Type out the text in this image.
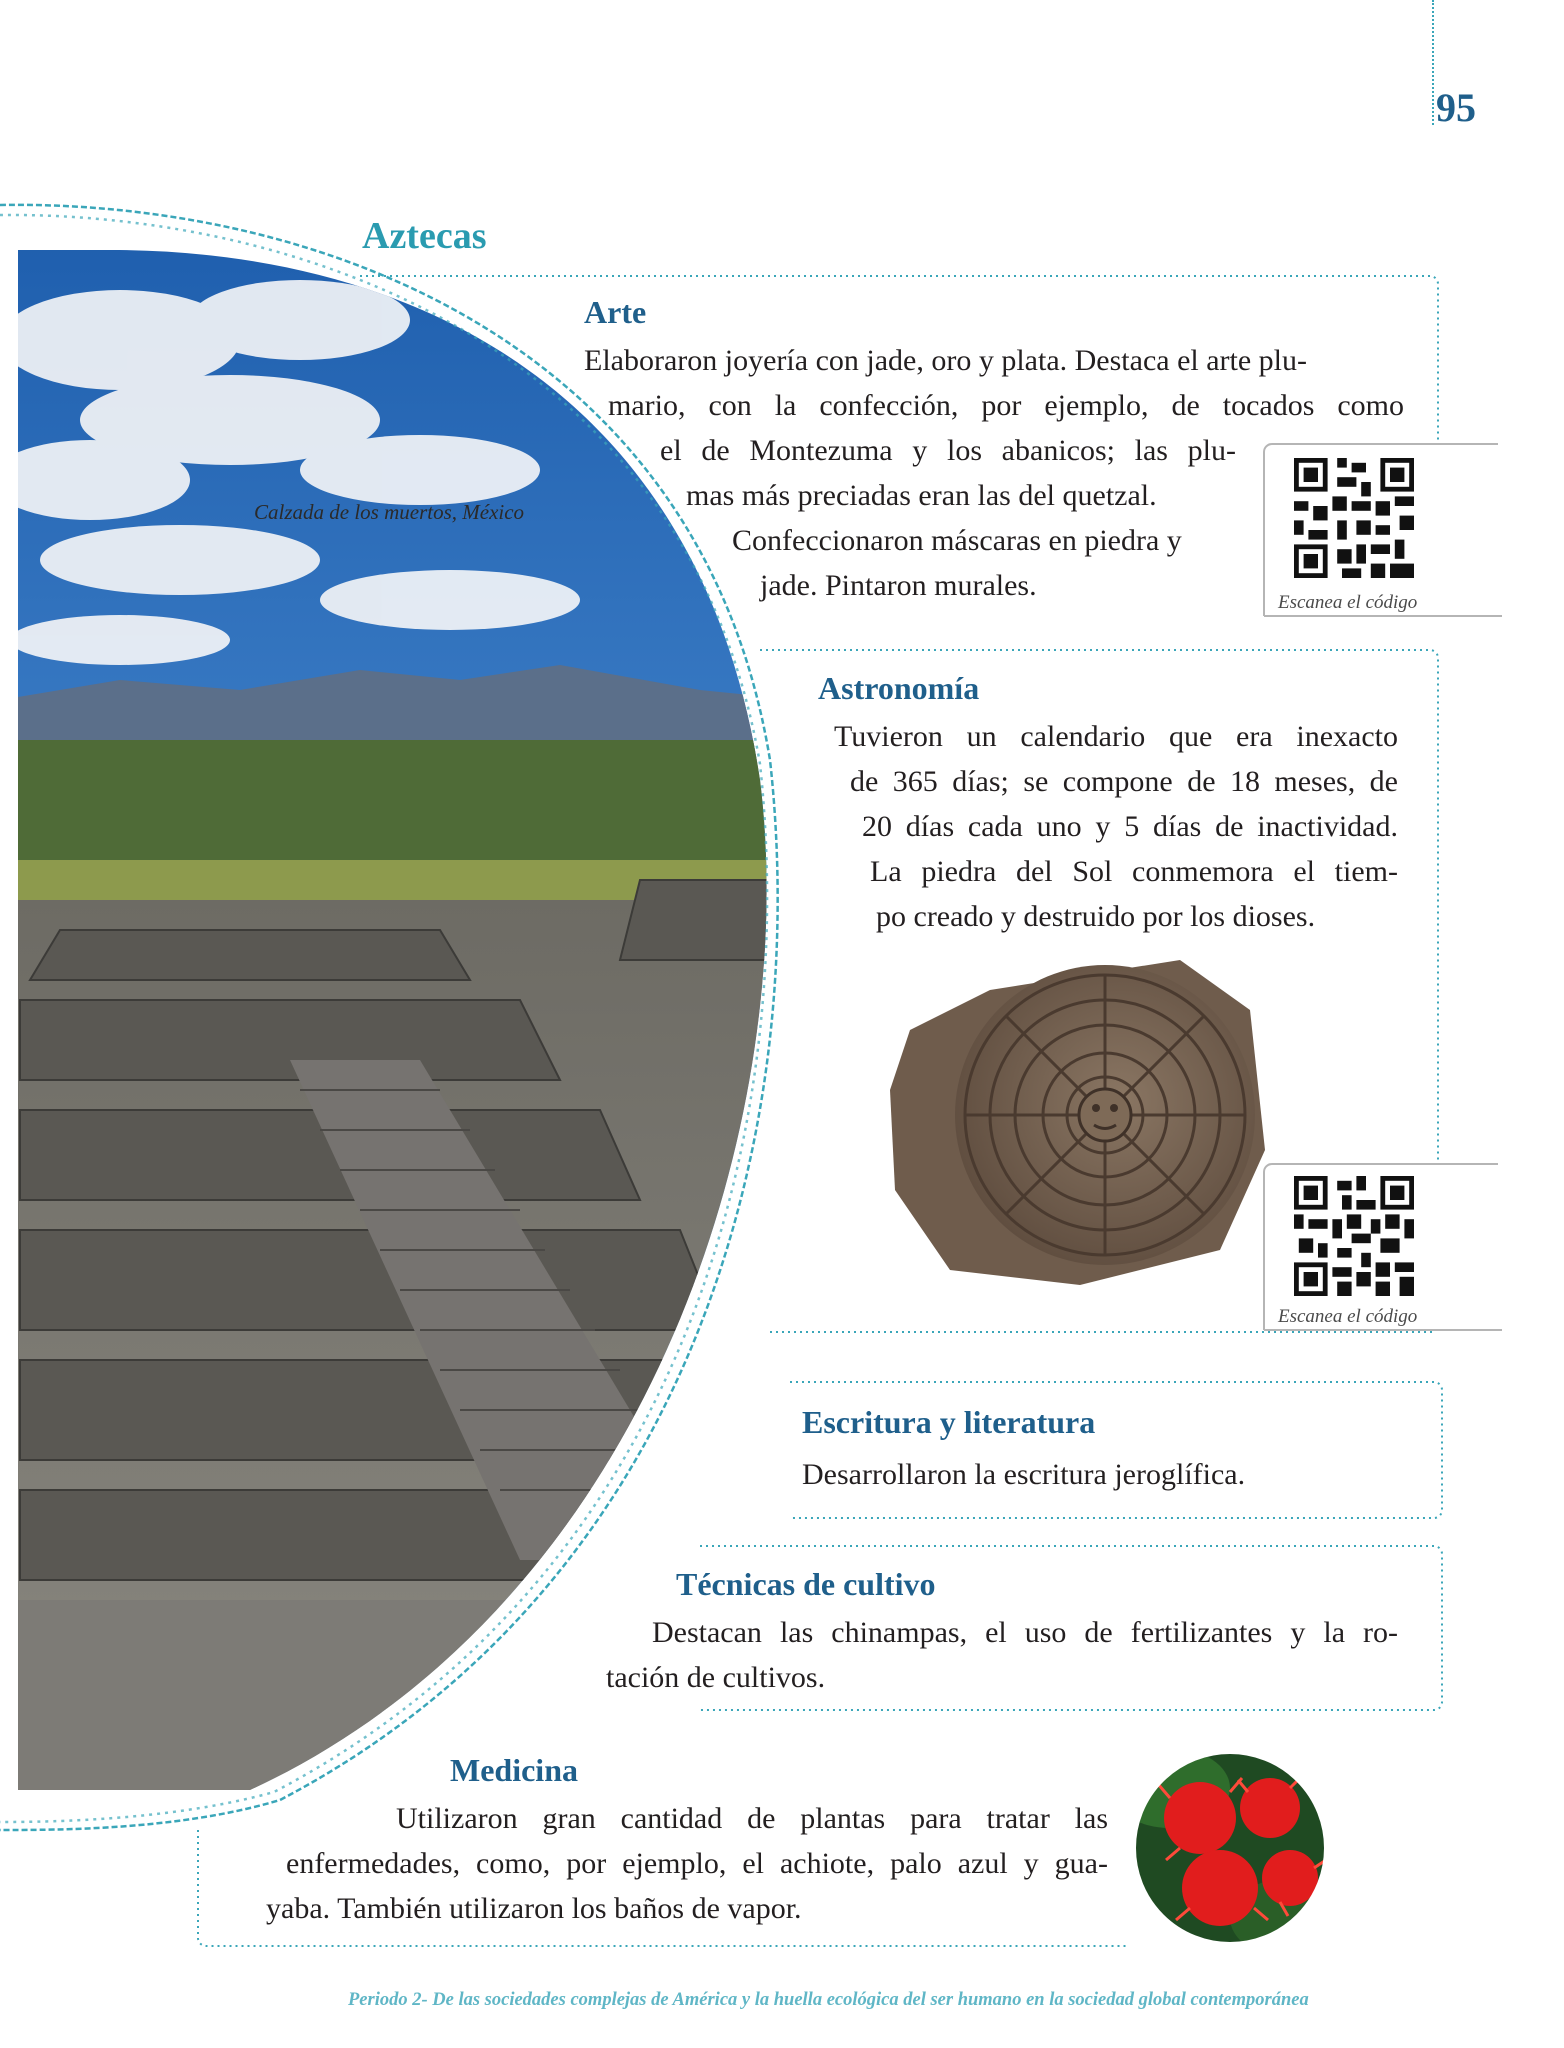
95
Calzada de los muertos, México
Aztecas
Arte
Elaboraron joyería con jade, oro y plata. Destaca el arte plu-
mario, con la confección, por ejemplo, de tocados como
el de Montezuma y los abanicos; las plu-
mas más preciadas eran las del quetzal.
Confeccionaron máscaras en piedra y
jade. Pintaron murales.
Escanea el código
Astronomía
Tuvieron un calendario que era inexacto
de 365 días; se compone de 18 meses, de
20 días cada uno y 5 días de inactividad.
La piedra del Sol conmemora el tiem-
po creado y destruido por los dioses.
Escanea el código
Escritura y literatura
Desarrollaron la escritura jeroglífica.
Técnicas de cultivo
Destacan las chinampas, el uso de fertilizantes y la ro-
tación de cultivos.
Medicina
Utilizaron gran cantidad de plantas para tratar las
enfermedades, como, por ejemplo, el achiote, palo azul y gua-
yaba. También utilizaron los baños de vapor.
Periodo 2- De las sociedades complejas de América y la huella ecológica del ser humano en la sociedad global contemporánea
